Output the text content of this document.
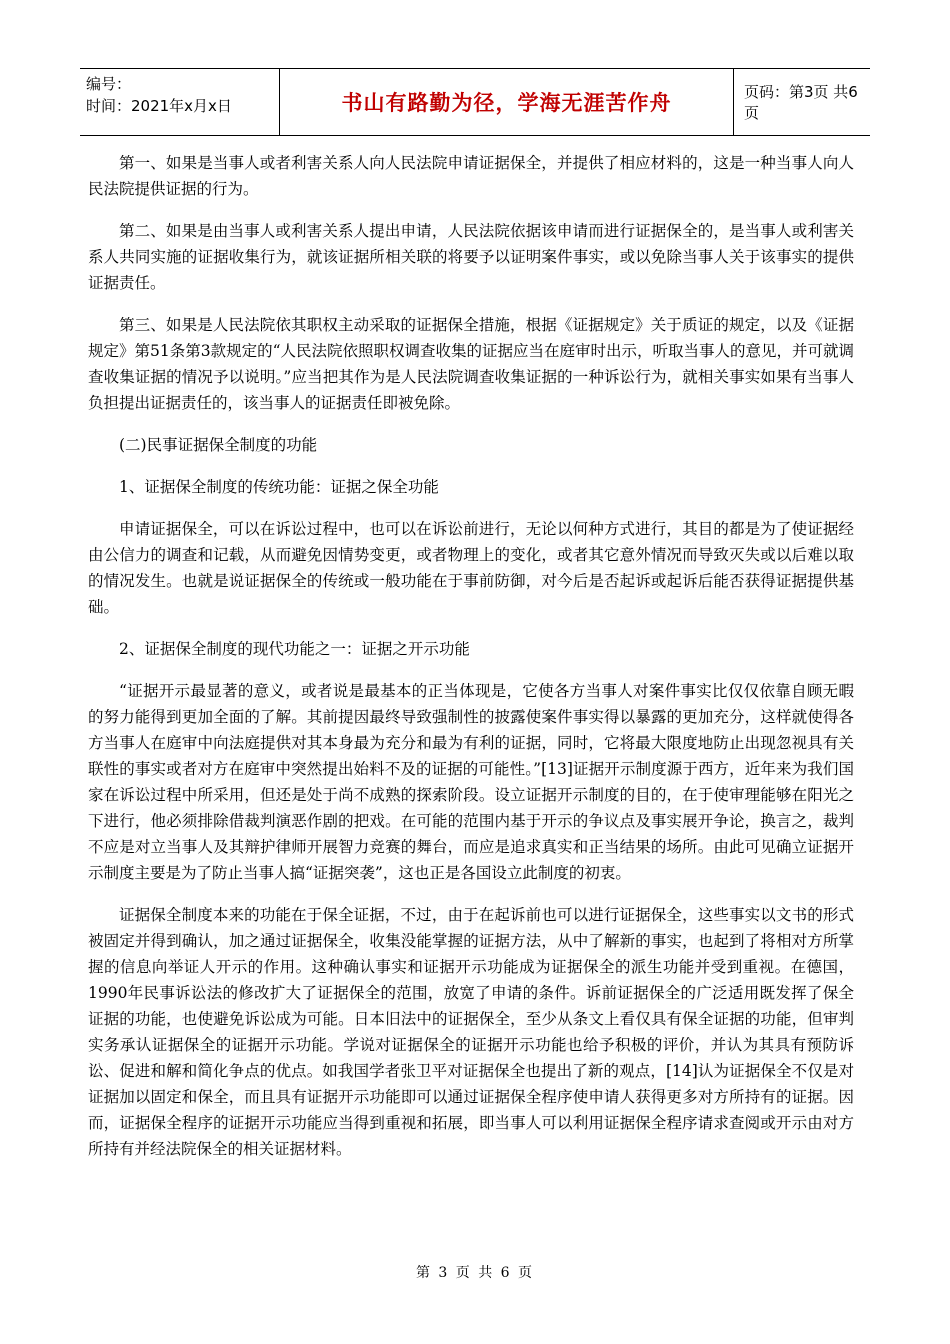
编号：
时间：2021年x月x日	书山有路勤为径，学海无涯苦作舟	页码：第3页 共6页

第一、如果是当事人或者利害关系人向人民法院申请证据保全，并提供了相应材料的，这是一种当事人向人民法院提供证据的行为。

第二、如果是由当事人或利害关系人提出申请，人民法院依据该申请而进行证据保全的，是当事人或利害关系人共同实施的证据收集行为，就该证据所相关联的将要予以证明案件事实，或以免除当事人关于该事实的提供证据责任。

第三、如果是人民法院依其职权主动采取的证据保全措施，根据《证据规定》关于质证的规定，以及《证据规定》第51条第3款规定的“人民法院依照职权调查收集的证据应当在庭审时出示，听取当事人的意见，并可就调查收集证据的情况予以说明。”应当把其作为是人民法院调查收集证据的一种诉讼行为，就相关事实如果有当事人负担提出证据责任的，该当事人的证据责任即被免除。

(二)民事证据保全制度的功能

1、证据保全制度的传统功能：证据之保全功能

申请证据保全，可以在诉讼过程中，也可以在诉讼前进行，无论以何种方式进行，其目的都是为了使证据经由公信力的调查和记载，从而避免因情势变更，或者物理上的变化，或者其它意外情况而导致灭失或以后难以取的情况发生。也就是说证据保全的传统或一般功能在于事前防御，对今后是否起诉或起诉后能否获得证据提供基础。

2、证据保全制度的现代功能之一：证据之开示功能

“证据开示最显著的意义，或者说是最基本的正当体现是，它使各方当事人对案件事实比仅仅依靠自顾无暇的努力能得到更加全面的了解。其前提因最终导致强制性的披露使案件事实得以暴露的更加充分，这样就使得各方当事人在庭审中向法庭提供对其本身最为充分和最为有利的证据，同时，它将最大限度地防止出现忽视具有关联性的事实或者对方在庭审中突然提出始料不及的证据的可能性。”[13]证据开示制度源于西方，近年来为我们国家在诉讼过程中所采用，但还是处于尚不成熟的探索阶段。设立证据开示制度的目的，在于使审理能够在阳光之下进行，他必须排除借裁判演恶作剧的把戏。在可能的范围内基于开示的争议点及事实展开争论，换言之，裁判不应是对立当事人及其辩护律师开展智力竞赛的舞台，而应是追求真实和正当结果的场所。由此可见确立证据开示制度主要是为了防止当事人搞“证据突袭”，这也正是各国设立此制度的初衷。

证据保全制度本来的功能在于保全证据，不过，由于在起诉前也可以进行证据保全，这些事实以文书的形式被固定并得到确认，加之通过证据保全，收集没能掌握的证据方法，从中了解新的事实，也起到了将相对方所掌握的信息向举证人开示的作用。这种确认事实和证据开示功能成为证据保全的派生功能并受到重视。在德国，1990年民事诉讼法的修改扩大了证据保全的范围，放宽了申请的条件。诉前证据保全的广泛适用既发挥了保全证据的功能，也使避免诉讼成为可能。日本旧法中的证据保全，至少从条文上看仅具有保全证据的功能，但审判实务承认证据保全的证据开示功能。学说对证据保全的证据开示功能也给予积极的评价，并认为其具有预防诉讼、促进和解和简化争点的优点。如我国学者张卫平对证据保全也提出了新的观点，[14]认为证据保全不仅是对证据加以固定和保全，而且具有证据开示功能即可以通过证据保全程序使申请人获得更多对方所持有的证据。因而，证据保全程序的证据开示功能应当得到重视和拓展，即当事人可以利用证据保全程序请求查阅或开示由对方所持有并经法院保全的相关证据材料。

第 3 页 共 6 页
